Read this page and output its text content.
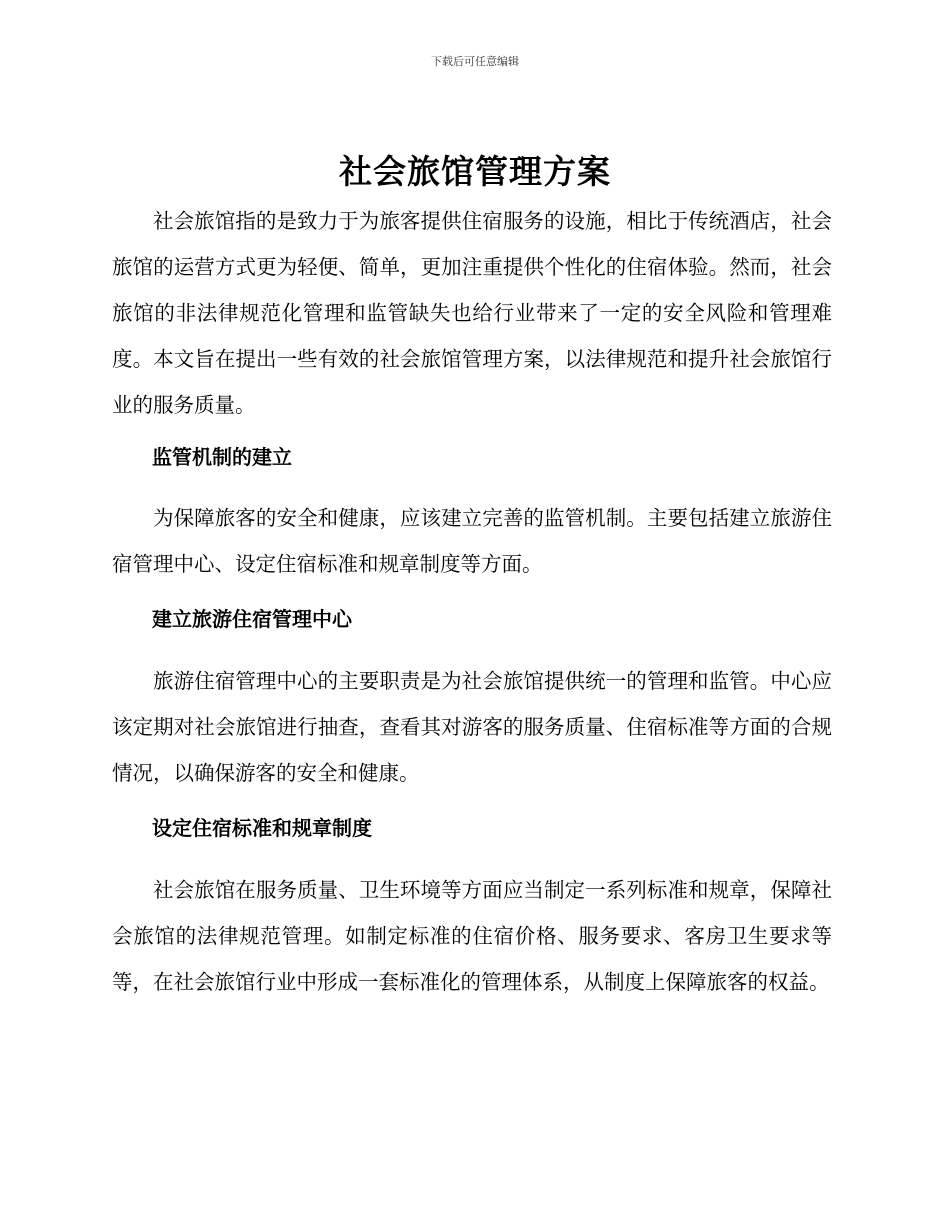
下载后可任意编辑
社会旅馆管理方案

社会旅馆指的是致力于为旅客提供住宿服务的设施，相比于传统酒店，社会旅馆的运营方式更为轻便、简单，更加注重提供个性化的住宿体验。然而，社会旅馆的非法律规范化管理和监管缺失也给行业带来了一定的安全风险和管理难度。本文旨在提出一些有效的社会旅馆管理方案，以法律规范和提升社会旅馆行业的服务质量。

监管机制的建立

为保障旅客的安全和健康，应该建立完善的监管机制。主要包括建立旅游住宿管理中心、设定住宿标准和规章制度等方面。

建立旅游住宿管理中心

旅游住宿管理中心的主要职责是为社会旅馆提供统一的管理和监管。中心应该定期对社会旅馆进行抽查，查看其对游客的服务质量、住宿标准等方面的合规情况，以确保游客的安全和健康。

设定住宿标准和规章制度

社会旅馆在服务质量、卫生环境等方面应当制定一系列标准和规章，保障社会旅馆的法律规范管理。如制定标准的住宿价格、服务要求、客房卫生要求等等，在社会旅馆行业中形成一套标准化的管理体系，从制度上保障旅客的权益。
